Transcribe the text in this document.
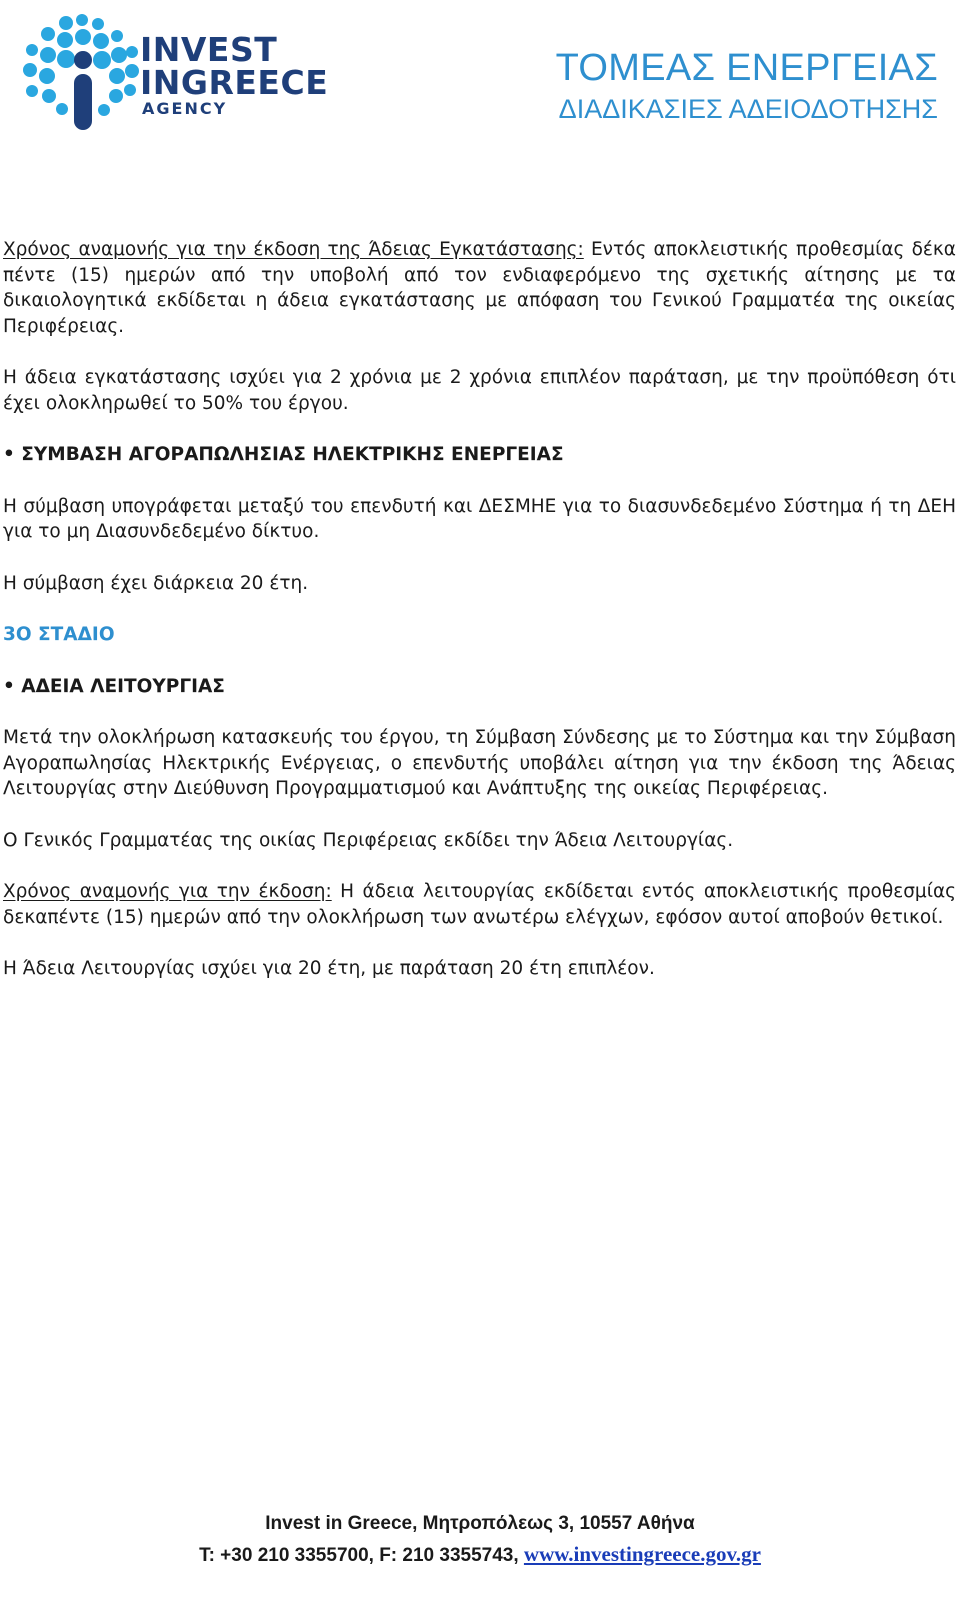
INVEST
INGREECE
AGENCY
ΤΟΜΕΑΣ ΕΝΕΡΓΕΙΑΣ
ΔΙΑΔΙΚΑΣΙΕΣ ΑΔΕΙΟΔΟΤΗΣΗΣ

Χρόνος αναμονής για την έκδοση της Άδειας Εγκατάστασης: Εντός αποκλειστικής προθεσμίας δέκα πέντε (15) ημερών από την υποβολή από τον ενδιαφερόμενο της σχετικής αίτησης με τα δικαιολογητικά εκδίδεται η άδεια εγκατάστασης με απόφαση του Γενικού Γραμματέα της οικείας Περιφέρειας.

Η άδεια εγκατάστασης ισχύει για 2 χρόνια με 2 χρόνια επιπλέον παράταση, με την προϋπόθεση ότι έχει ολοκληρωθεί το 50% του έργου.

• ΣΥΜΒΑΣΗ ΑΓΟΡΑΠΩΛΗΣΙΑΣ ΗΛΕΚΤΡΙΚΗΣ ΕΝΕΡΓΕΙΑΣ

Η σύμβαση υπογράφεται μεταξύ του επενδυτή και ΔΕΣΜΗΕ για το διασυνδεδεμένο Σύστημα ή τη ΔΕΗ για το μη Διασυνδεδεμένο δίκτυο.

Η σύμβαση έχει διάρκεια 20 έτη.

3Ο ΣΤΑΔΙΟ
• ΑΔΕΙΑ ΛΕΙΤΟΥΡΓΙΑΣ

Μετά την ολοκλήρωση κατασκευής του έργου, τη Σύμβαση Σύνδεσης με το Σύστημα και την Σύμβαση Αγοραπωλησίας Ηλεκτρικής Ενέργειας, ο επενδυτής υποβάλει αίτηση για την έκδοση της Άδειας Λειτουργίας στην Διεύθυνση Προγραμματισμού και Ανάπτυξης της οικείας Περιφέρειας.

Ο Γενικός Γραμματέας της οικίας Περιφέρειας εκδίδει την Άδεια Λειτουργίας.

Χρόνος αναμονής για την έκδοση: Η άδεια λειτουργίας εκδίδεται εντός αποκλειστικής προθεσμίας δεκαπέντε (15) ημερών από την ολοκλήρωση των ανωτέρω ελέγχων, εφόσον αυτοί αποβούν θετικοί.

Η Άδεια Λειτουργίας ισχύει για 20 έτη, με παράταση 20 έτη επιπλέον.

Invest in Greece, Μητροπόλεως 3, 10557 Αθήνα
T: +30 210 3355700, F: 210 3355743, www.investingreece.gov.gr
